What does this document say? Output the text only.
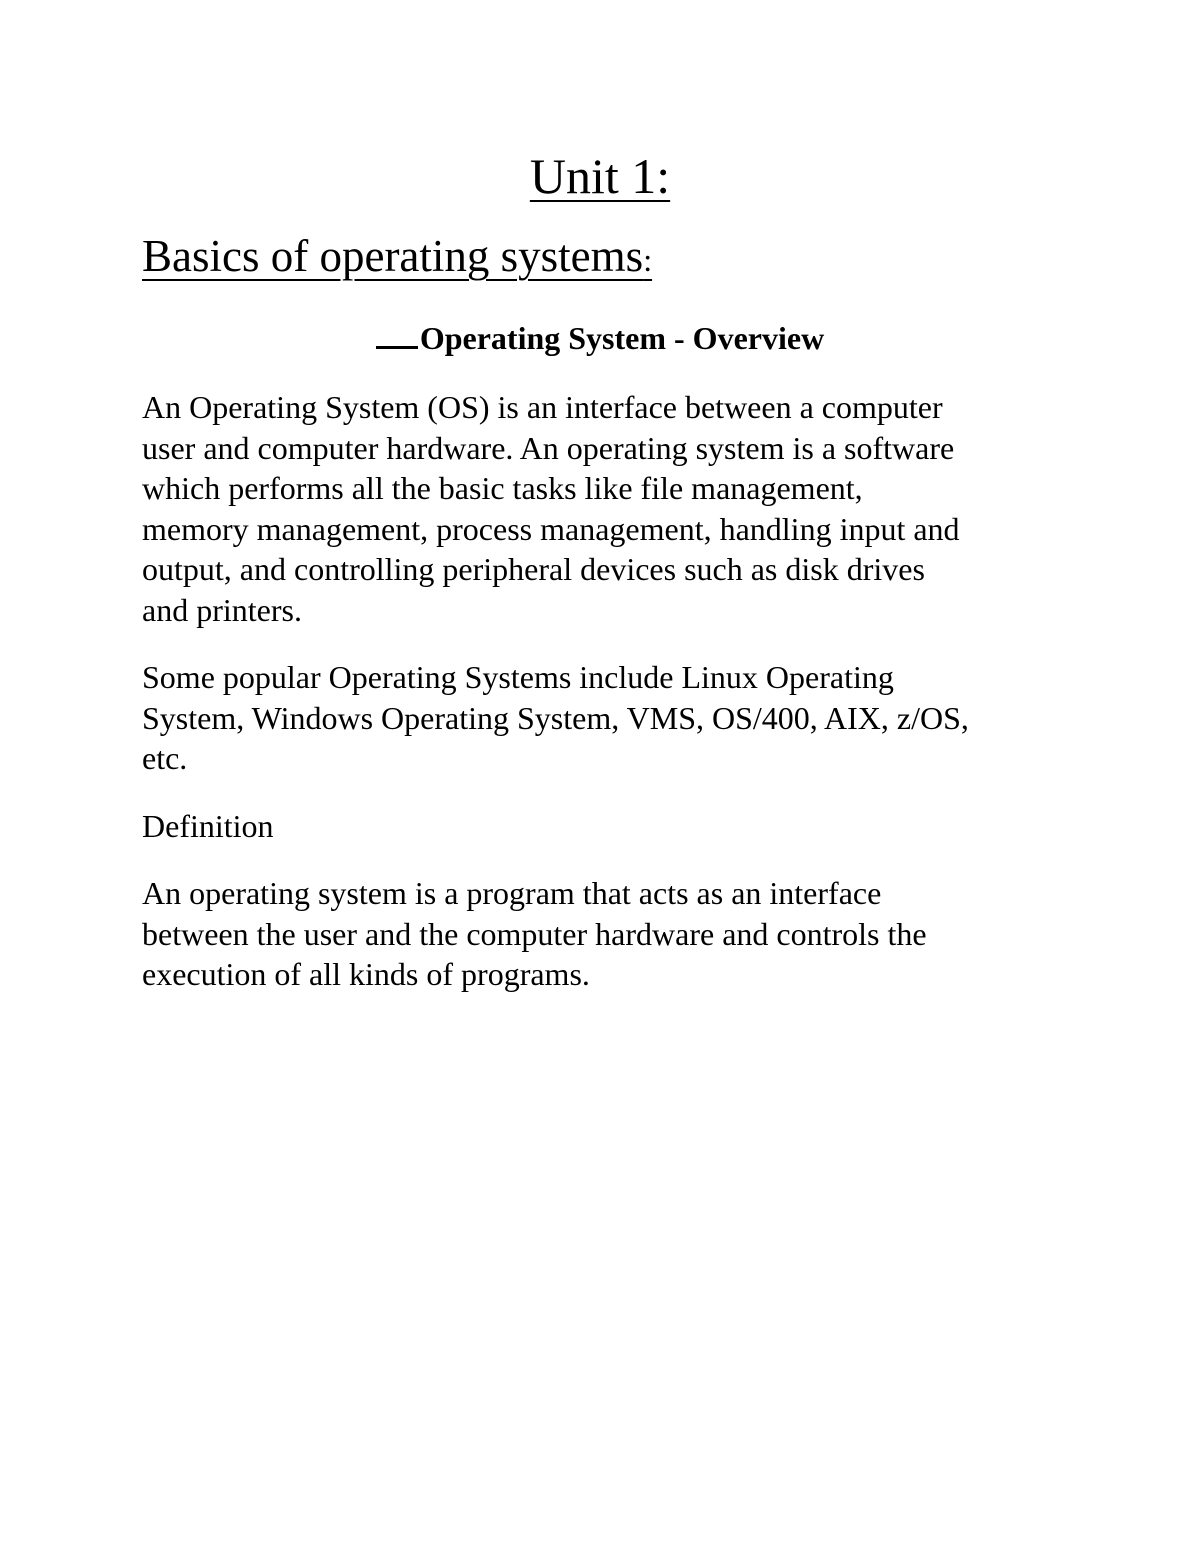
Unit 1:
Basics of operating systems:
Operating System - Overview

An Operating System (OS) is an interface between a computer
user and computer hardware. An operating system is a software
which performs all the basic tasks like file management,
memory management, process management, handling input and
output, and controlling peripheral devices such as disk drives
and printers.

Some popular Operating Systems include Linux Operating
System, Windows Operating System, VMS, OS/400, AIX, z/OS,
etc.

Definition

An operating system is a program that acts as an interface
between the user and the computer hardware and controls the
execution of all kinds of programs.
